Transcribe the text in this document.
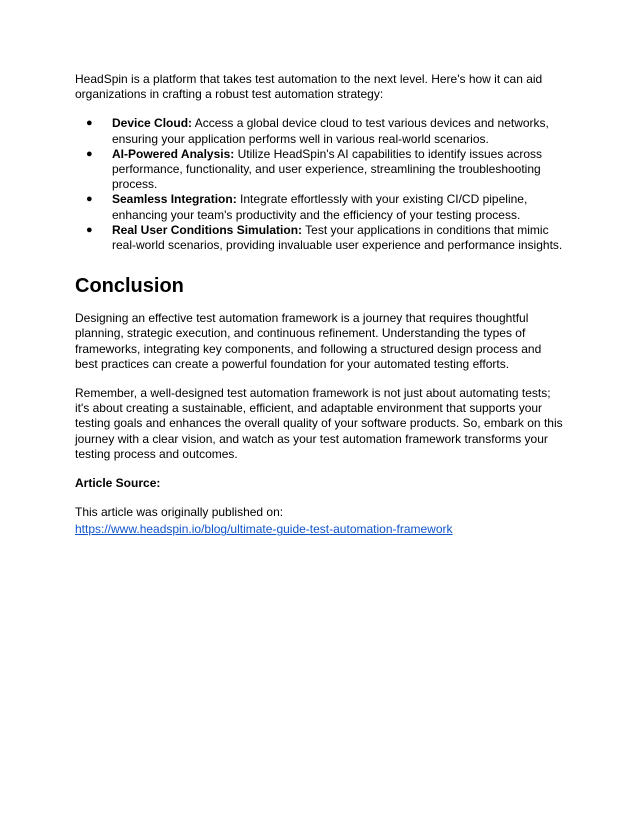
HeadSpin is a platform that takes test automation to the next level. Here's how it can aid organizations in crafting a robust test automation strategy:

● Device Cloud: Access a global device cloud to test various devices and networks, ensuring your application performs well in various real-world scenarios.
● AI-Powered Analysis: Utilize HeadSpin's AI capabilities to identify issues across performance, functionality, and user experience, streamlining the troubleshooting process.
● Seamless Integration: Integrate effortlessly with your existing CI/CD pipeline, enhancing your team's productivity and the efficiency of your testing process.
● Real User Conditions Simulation: Test your applications in conditions that mimic real-world scenarios, providing invaluable user experience and performance insights.
Conclusion

Designing an effective test automation framework is a journey that requires thoughtful planning, strategic execution, and continuous refinement. Understanding the types of frameworks, integrating key components, and following a structured design process and best practices can create a powerful foundation for your automated testing efforts.

Remember, a well-designed test automation framework is not just about automating tests; it's about creating a sustainable, efficient, and adaptable environment that supports your testing goals and enhances the overall quality of your software products. So, embark on this journey with a clear vision, and watch as your test automation framework transforms your testing process and outcomes.

Article Source:

This article was originally published on:

https://www.headspin.io/blog/ultimate-guide-test-automation-framework
